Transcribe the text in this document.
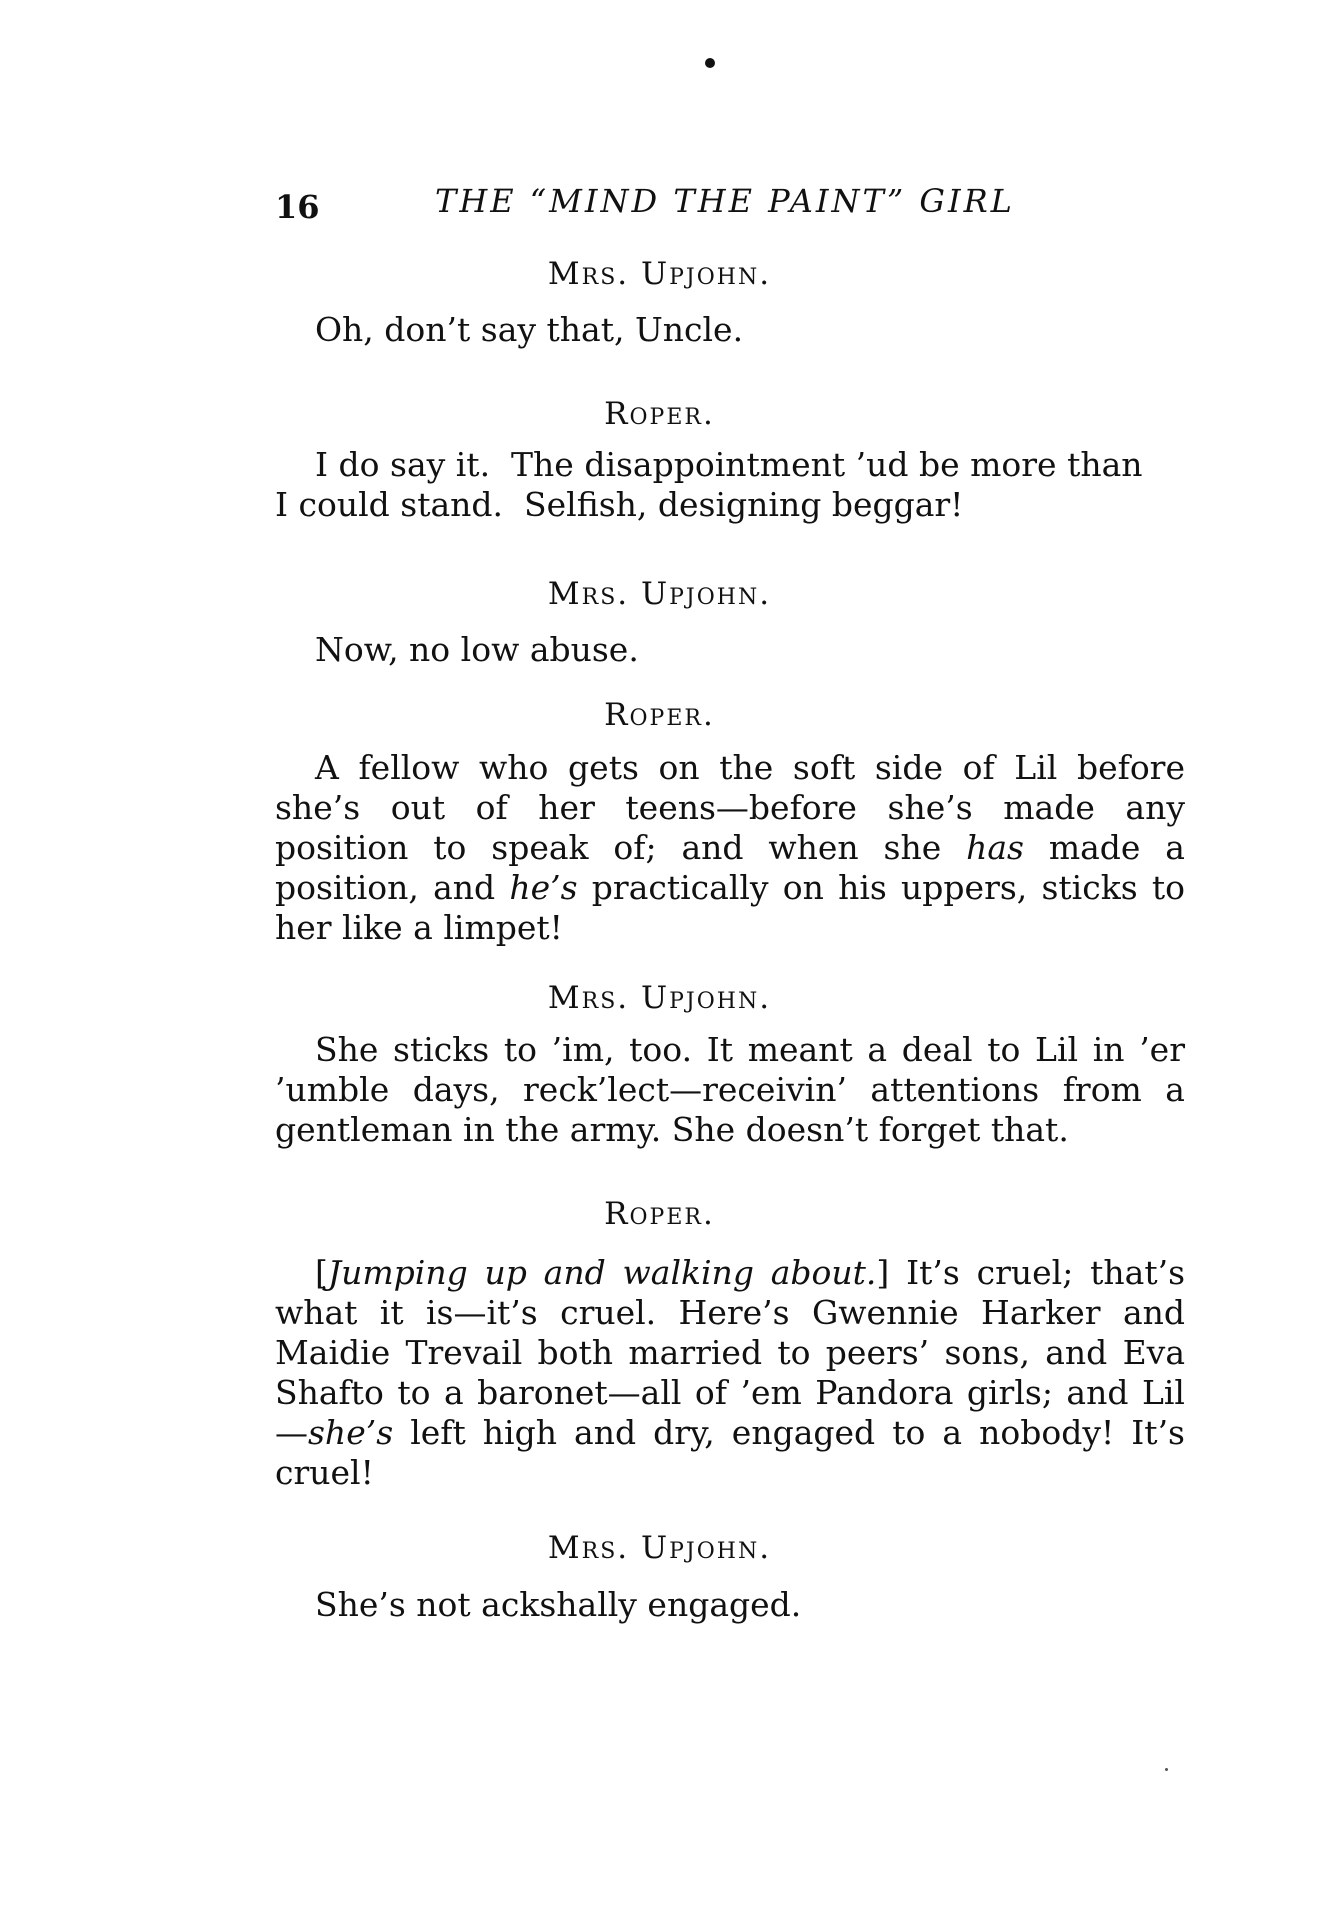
16	THE “MIND THE PAINT” GIRL
Mrs. Upjohn.
Oh, don’t say that, Uncle.
Roper.
I do say it.  The disappointment ’ud be more than
I could stand.  Selfish, designing beggar!
Mrs. Upjohn.
Now, no low abuse.
Roper.
A fellow who gets on the soft side of Lil before she’s out of her teens—before she’s made any position to speak of; and when she has made a position, and he’s practically on his uppers, sticks to her like a limpet!
Mrs. Upjohn.
She sticks to ’im, too. It meant a deal to Lil in ’er ’umble days, reck’lect—receivin’ attentions from a gentleman in the army. She doesn’t forget that.
Roper.
[Jumping up and walking about.] It’s cruel; that’s what it is—it’s cruel. Here’s Gwennie Harker and Maidie Trevail both married to peers’ sons, and Eva Shafto to a baronet—all of ’em Pandora girls; and Lil—she’s left high and dry, engaged to a nobody! It’s cruel!
Mrs. Upjohn.
She’s not ackshally engaged.
